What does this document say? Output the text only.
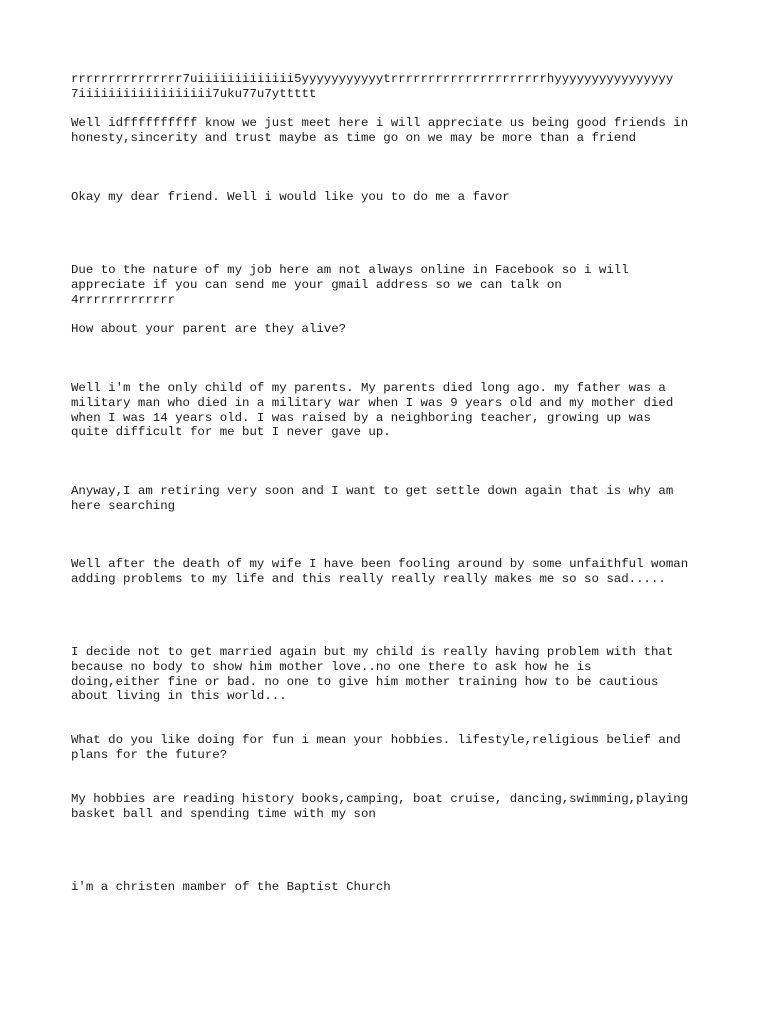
rrrrrrrrrrrrrrr7uiiiiiiiiiiiii5yyyyyyyyyyytrrrrrrrrrrrrrrrrrrrrrhyyyyyyyyyyyyyyyy
7iiiiiiiiiiiiiiiiii7uku77u7yttttt

Well idffffffffff know we just meet here i will appreciate us being good friends in
honesty,sincerity and trust maybe as time go on we may be more than a friend

Okay my dear friend. Well i would like you to do me a favor

Due to the nature of my job here am not always online in Facebook so i will
appreciate if you can send me your gmail address so we can talk on
4rrrrrrrrrrrrr

How about your parent are they alive?

Well i'm the only child of my parents. My parents died long ago. my father was a
military man who died in a military war when I was 9 years old and my mother died
when I was 14 years old. I was raised by a neighboring teacher, growing up was
quite difficult for me but I never gave up.

Anyway,I am retiring very soon and I want to get settle down again that is why am
here searching

Well after the death of my wife I have been fooling around by some unfaithful woman
adding problems to my life and this really really really makes me so so sad.....

I decide not to get married again but my child is really having problem with that
because no body to show him mother love..no one there to ask how he is
doing,either fine or bad. no one to give him mother training how to be cautious
about living in this world...

What do you like doing for fun i mean your hobbies. lifestyle,religious belief and
plans for the future?

My hobbies are reading history books,camping, boat cruise, dancing,swimming,playing
basket ball and spending time with my son

i'm a christen mamber of the Baptist Church
